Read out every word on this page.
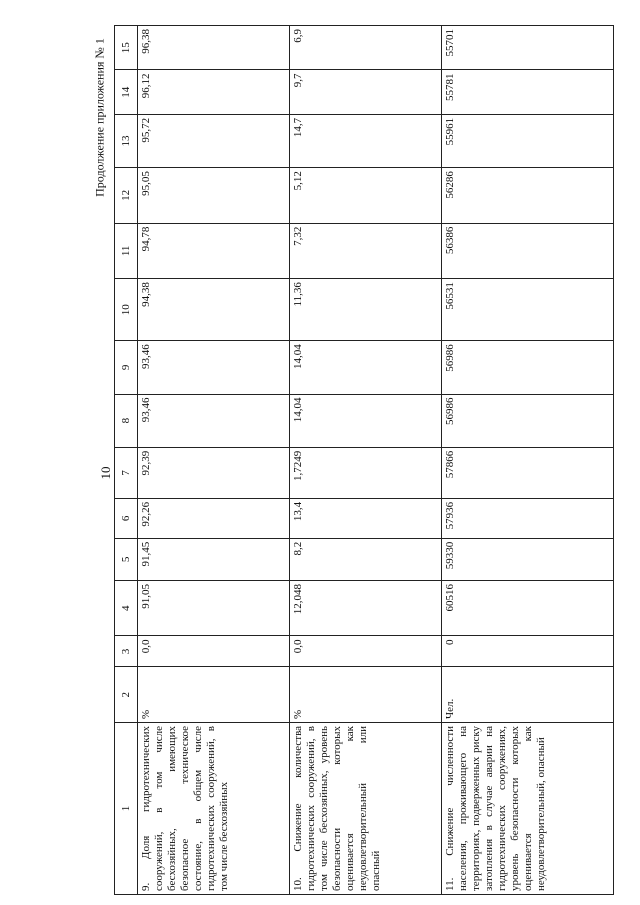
10
Продолжение приложения № 1
1	2	3	4	5	6	7	8	9	10	11	12	13	14	15
9. Доля гидротехнических сооружений, в том числе бесхозяйных, имеющих безопасное техническое состояние, в общем числе гидротехнических сооружений, в том числе бесхозяйных	%	0,0	91,05	91,45	92,26	92,39	93,46	93,46	94,38	94,78	95,05	95,72	96,12	96,38
10. Снижение количества гидротехнических сооружений, в том числе бесхозяйных, уровень безопасности которых оценивается как неудовлетворительный или опасный	%	0,0	12,048	8,2	13,4	1,7249	14,04	14,04	11,36	7,32	5,12	14,7	9,7	6,9
11. Снижение численности населения, проживающего на территориях, подверженных риску затопления в случае аварии на гидротехнических сооружениях, уровень безопасности которых оценивается как неудовлетворительный, опасный	Чел.	0	60516	59330	57936	57866	56986	56986	56531	56386	56286	55961	55781	55701
